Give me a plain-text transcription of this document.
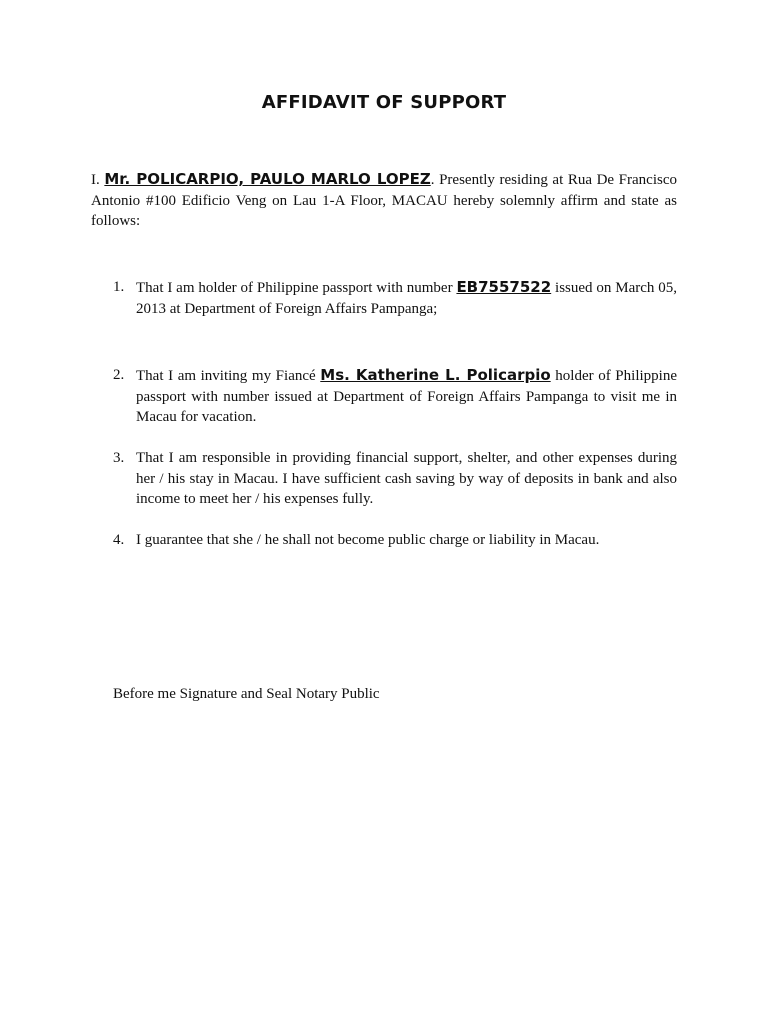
AFFIDAVIT OF SUPPORT

I. Mr. POLICARPIO, PAULO MARLO LOPEZ. Presently residing at Rua De Francisco Antonio #100 Edificio Veng on Lau 1-A Floor, MACAU hereby solemnly affirm and state as follows:

1. That I am holder of Philippine passport with number EB7557522 issued on March 05, 2013 at Department of Foreign Affairs Pampanga;
2. That I am inviting my Fiancé Ms. Katherine L. Policarpio holder of Philippine passport with number issued at Department of Foreign Affairs Pampanga to visit me in Macau for vacation.
3. That I am responsible in providing financial support, shelter, and other expenses during her / his stay in Macau. I have sufficient cash saving by way of deposits in bank and also income to meet her / his expenses fully.
4. I guarantee that she / he shall not become public charge or liability in Macau.

Before me Signature and Seal Notary Public
